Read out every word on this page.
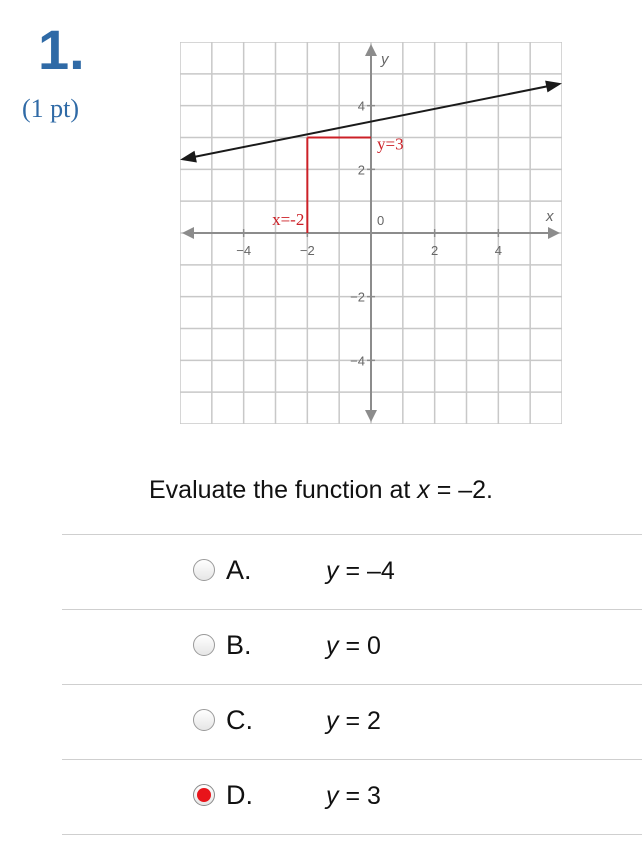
1.
(1 pt)
x
y
−4	−2	2	4
4
2
−2
−4
0
x=-2
y=3
Evaluate the function at x = –2.
A.	y = –4
B.	y = 0
C.	y = 2
D.	y = 3
